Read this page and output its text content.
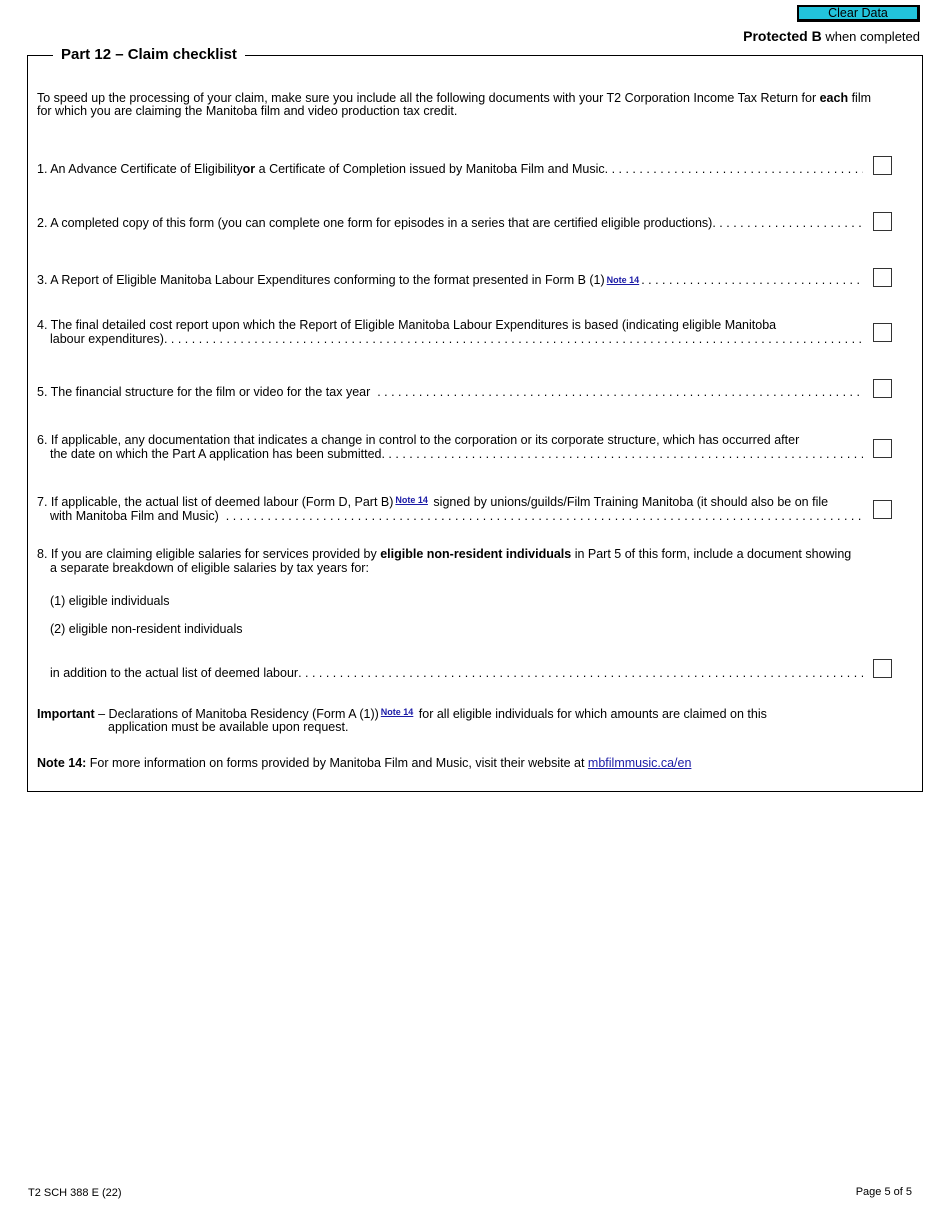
Clear Data
Protected B when completed
Part 12 – Claim checklist
To speed up the processing of your claim, make sure you include all the following documents with your T2 Corporation Income Tax Return for each film for which you are claiming the Manitoba film and video production tax credit.
1. An Advance Certificate of Eligibility or
a Certificate of Completion issued by Manitoba Film and Music
. . .
2. A completed copy of this form (you can complete one form for episodes in a series that are certified eligible productions)
. . .
3. A Report of Eligible Manitoba Labour Expenditures conforming to the format presented in Form B (1) Note 14
. . .
4. The final detailed cost report upon which the Report of Eligible Manitoba Labour Expenditures is based (indicating eligible Manitoba
labour expenditures)
. . .
5. The financial structure for the film or video for the tax year

. . .
6. If applicable, any documentation that indicates a change in control to the corporation or its corporate structure, which has occurred after
the date on which the Part A application has been submitted
. . .
7. If applicable, the actual list of deemed labour (Form D, Part B) $^{Note 14}$ signed by unions/guilds/Film Training Manitoba (it should also be on file
with Manitoba Film and Music)

. . .
8. If you are claiming eligible salaries for services provided by eligible non-resident individuals in Part 5 of this form, include a document showing
a separate breakdown of eligible salaries by tax years for:
(1) eligible individuals
(2) eligible non-resident individuals
in addition to the actual list of deemed labour
. . .
Important – Declarations of Manitoba Residency (Form A (1)) $^{Note 14}$ for all eligible individuals for which amounts are claimed on this
application must be available upon request.
Note 14: For more information on forms provided by Manitoba Film and Music, visit their website at mbfilmmusic.ca/en
T2 SCH 388 E (22)	Page 5 of 5
